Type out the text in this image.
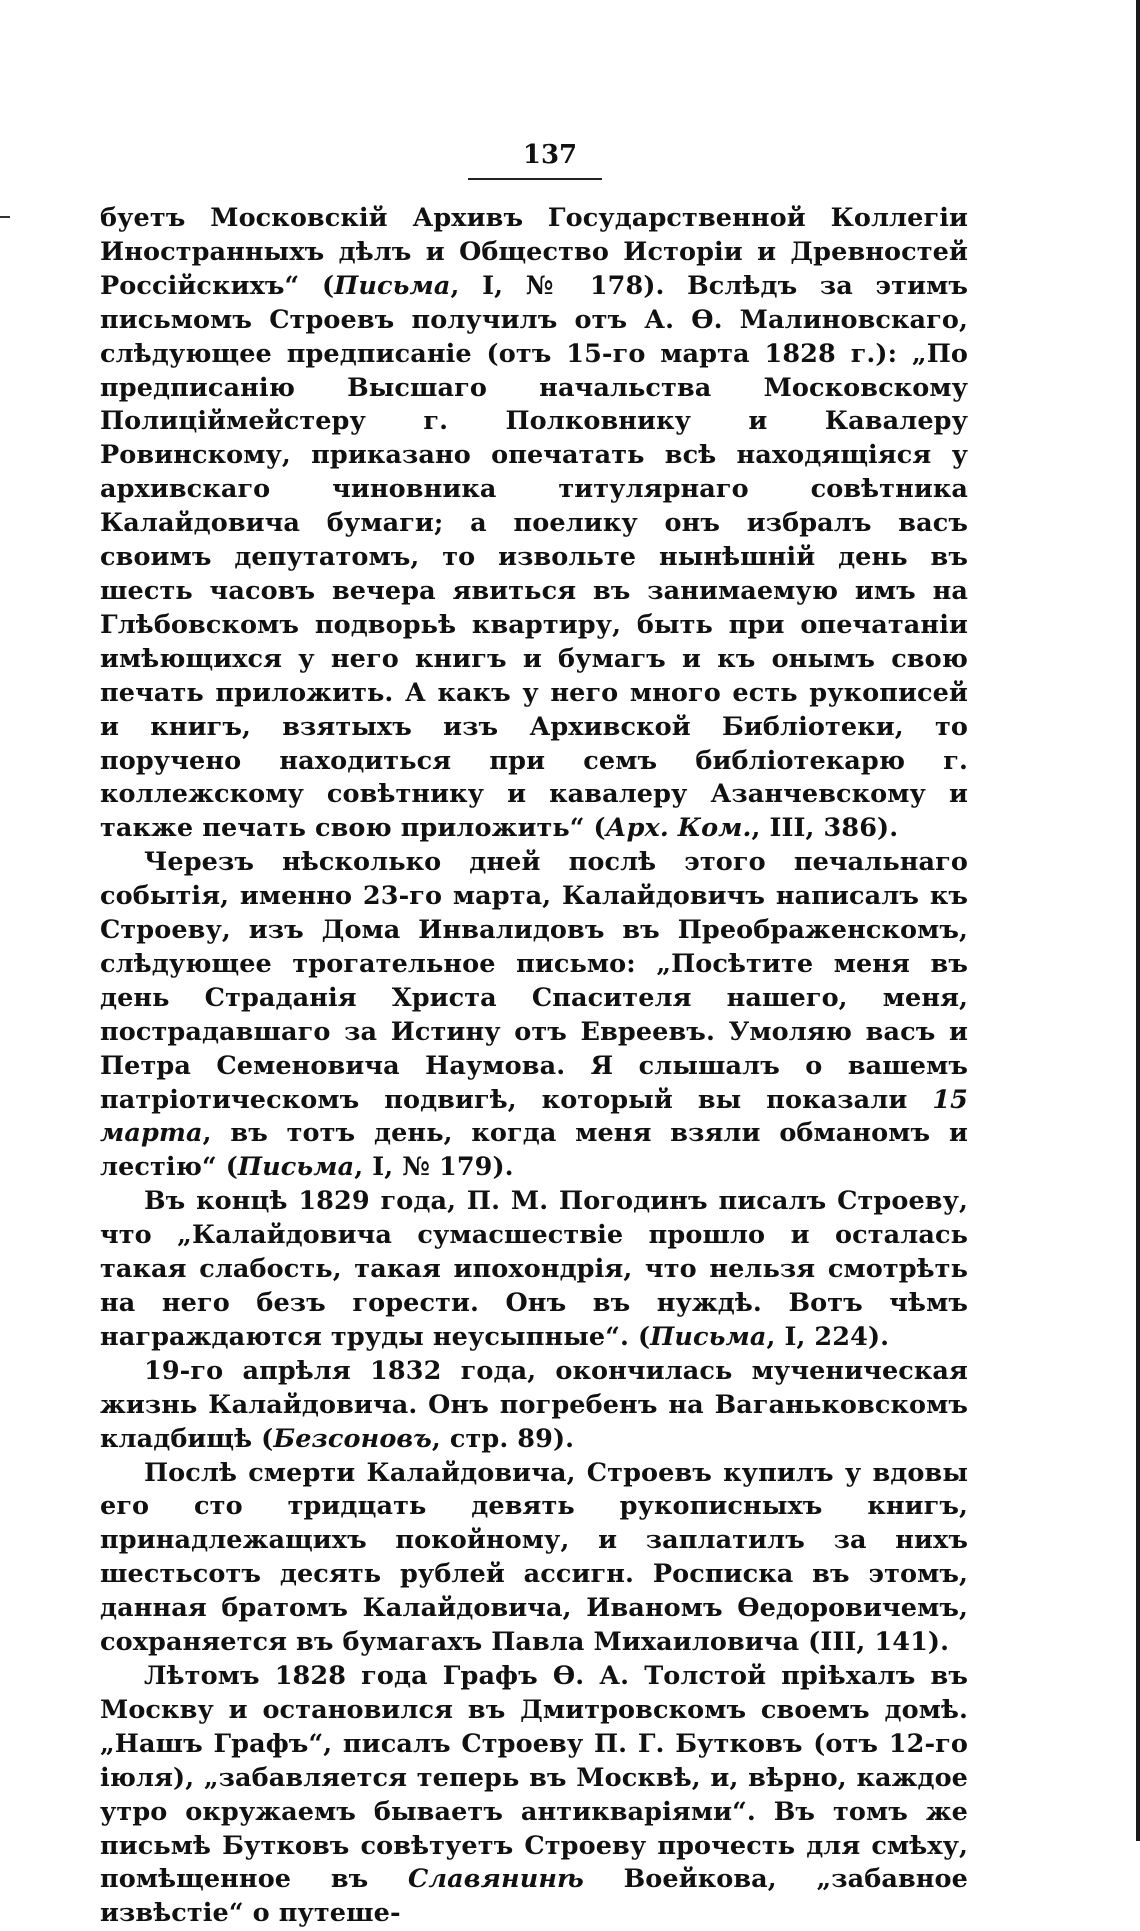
137

буетъ Московскій Архивъ Государственной Коллегіи Иностранныхъ дѣлъ и Общество Исторіи и Древностей Россійскихъ“ (Письма, I, № 178). Вслѣдъ за этимъ письмомъ Строевъ получилъ отъ А. Ѳ. Малиновскаго, слѣдующее предписаніе (отъ 15-го марта 1828 г.): „По предписанію Высшаго начальства Московскому Полицiймейстеру г. Полковнику и Кавалеру Ровинскому, приказано опечатать всѣ находящіяся у архивскаго чиновника титулярнаго совѣтника Калайдовича бумаги; а поелику онъ избралъ васъ своимъ депутатомъ, то извольте нынѣшній день въ шесть часовъ вечера явиться въ занимаемую имъ на Глѣбовскомъ подворьѣ квартиру, быть при опечатаніи имѣющихся у него книгъ и бумагъ и къ онымъ свою печать приложить. А какъ у него много есть рукописей и книгъ, взятыхъ изъ Архивской Библіотеки, то поручено находиться при семъ библіотекарю г. коллежскому совѣтнику и кавалеру Азанчевскому и также печать свою приложить“ (Арх. Ком., III, 386).

Черезъ нѣсколько дней послѣ этого печальнаго событія, именно 23-го марта, Калайдовичъ написалъ къ Строеву, изъ Дома Инвалидовъ въ Преображенскомъ, слѣдующее трогательное письмо: „Посѣтите меня въ день Страданія Христа Спасителя нашего, меня, пострадавшаго за Истину отъ Евреевъ. Умоляю васъ и Петра Семеновича Наумова. Я слышалъ о вашемъ патріотическомъ подвигѣ, который вы показали 15 марта, въ тотъ день, когда меня взяли обманомъ и лестію“ (Письма, I, № 179).

Въ концѣ 1829 года, П. М. Погодинъ писалъ Строеву, что „Калайдовича сумасшествіе прошло и осталась такая слабость, такая ипохондрія, что нельзя смотрѣть на него безъ горести. Онъ въ нуждѣ. Вотъ чѣмъ награждаются труды неусыпные“. (Письма, I, 224).

19-го апрѣля 1832 года, окончилась мученическая жизнь Калайдовича. Онъ погребенъ на Ваганьковскомъ кладбищѣ (Безсоновъ, стр. 89).

Послѣ смерти Калайдовича, Строевъ купилъ у вдовы его сто тридцать девять рукописныхъ книгъ, принадлежащихъ покойному, и заплатилъ за нихъ шестьсотъ десять рублей ассигн. Росписка въ этомъ, данная братомъ Калайдовича, Иваномъ Ѳедоровичемъ, сохраняется въ бумагахъ Павла Михаиловича (III, 141).

Лѣтомъ 1828 года Графъ Ѳ. А. Толстой пріѣхалъ въ Москву и остановился въ Дмитровскомъ своемъ домѣ. „Нашъ Графъ“, писалъ Строеву П. Г. Бутковъ (отъ 12-го іюля), „забавляется теперь въ Москвѣ, и, вѣрно, каждое утро окружаемъ бываетъ антикваріями“. Въ томъ же письмѣ Бутковъ совѣтуетъ Строеву прочесть для смѣху, помѣщенное въ Славянинѣ Воейкова, „забавное извѣстіе“ о путеше-
